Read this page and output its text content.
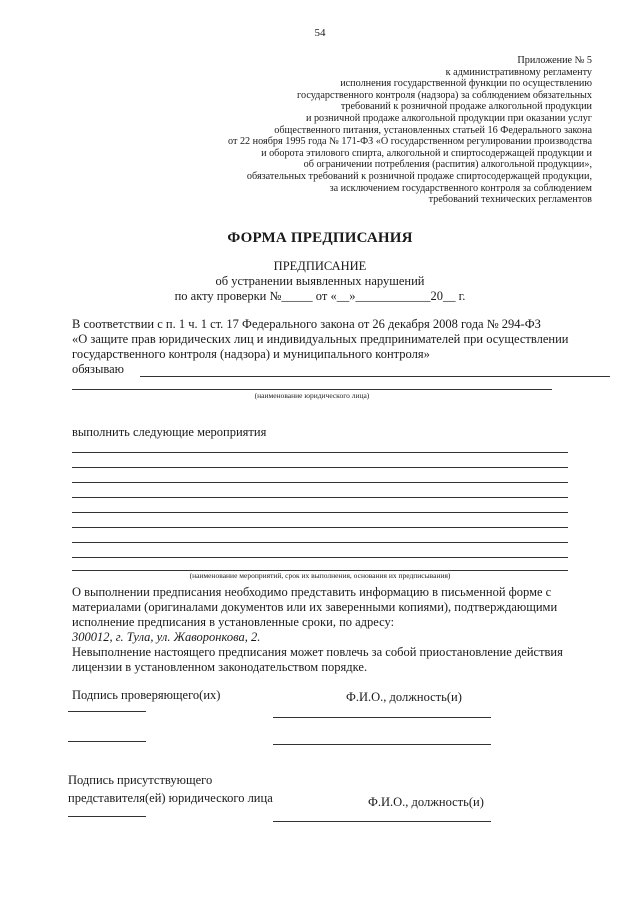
54
Приложение № 5
к административному регламенту
исполнения государственной функции по осуществлению
государственного контроля (надзора) за соблюдением обязательных
требований к розничной продаже алкогольной продукции
и розничной продаже алкогольной продукции при оказании услуг
общественного питания, установленных статьей 16 Федерального закона
от 22 ноября 1995 года № 171-ФЗ «О государственном регулировании производства
и оборота этилового спирта, алкогольной и спиртосодержащей продукции и
об ограничении потребления (распития) алкогольной продукции»,
обязательных требований к розничной продаже спиртосодержащей продукции,
за исключением государственного контроля за соблюдением
требований технических регламентов
ФОРМА ПРЕДПИСАНИЯ
ПРЕДПИСАНИЕ
об устранении выявленных нарушений
по акту проверки №_____ от «__»____________20__ г.
В соответствии с п. 1 ч. 1 ст. 17 Федерального закона от 26 декабря 2008 года № 294-ФЗ
«О защите прав юридических лиц и индивидуальных предпринимателей при осуществлении
государственного контроля (надзора) и муниципального контроля»
обязываю
(наименование юридического лица)
выполнить следующие мероприятия
(наименование мероприятий, срок их выполнения, основания их предписывания)
О выполнении предписания необходимо представить информацию в письменной форме с
материалами (оригиналами документов или их заверенными копиями), подтверждающими
исполнение предписания в установленные сроки, по адресу:
300012, г. Тула, ул. Жаворонкова, 2.
Невыполнение настоящего предписания может повлечь за собой приостановление действия
лицензии в установленном законодательством порядке.
Подпись проверяющего(их)	Ф.И.О., должность(и)
Подпись присутствующего
представителя(ей) юридического лица	Ф.И.О., должность(и)
